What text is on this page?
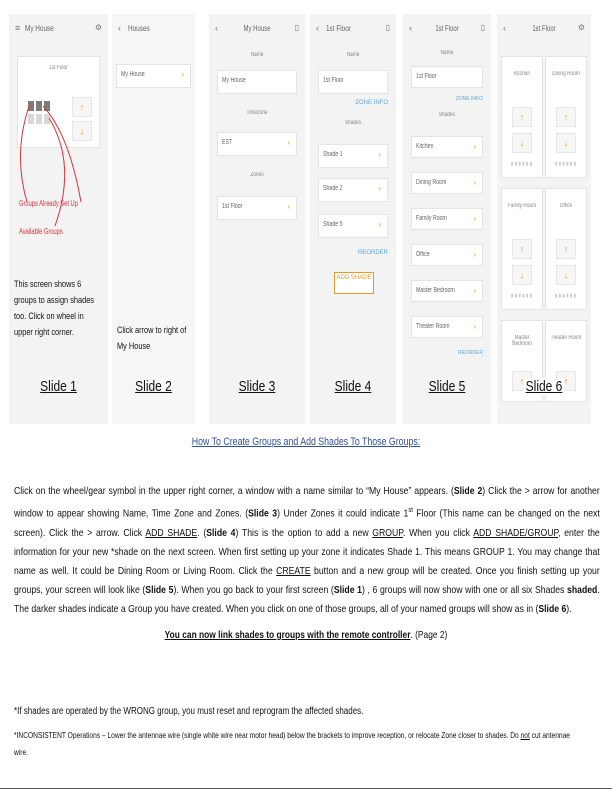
≡ My House	⚙
1st Floor
↑
↓
Groups Already Set Up
Available Groups
This screen shows 6 groups to assign shades too. Click on wheel in upper right corner.
Slide 1
‹ Houses
My House	›
Click arrow to right of My House
Slide 2
‹	My House	▯
Name
My House
Timezone
EST	›
Zones
1st Floor	›
Slide 3
‹ 1st Floor	▯
Name
1st Floor
ZONE INFO
Shades
Shade 1	›
Shade 2	›
Shade 5	›
REORDER
ADD SHADE
Slide 4
‹	1st Floor	▯
Name
1st Floor
ZONE INFO
Shades
Kitchen	›
Dining Room	›
Family Room	›
Office	›
Master Bedroom ›
Theater Room	›
REORDER
Slide 5
‹	1st Floor	⚙
Kitchen
↑
↓
▮▮▮▮▮▮
Dining Room
↑
↓
▮▮▮▮▮▮
Family Room
↑
↓
▮▮▮▮▮▮
Office
↑
↓
▮▮▮▮▮▮
Master Bedroom
↑
Theater Room
↑
Slide 6
How To Create Groups and Add Shades To Those Groups:
Click on the wheel/gear symbol in the upper right corner, a window with a name similar to “My House” appears. (Slide 2) Click the > arrow for another window to appear showing Name, Time Zone and Zones. (Slide 3) Under Zones it could indicate 1st Floor (This name can be changed on the next screen). Click the > arrow. Click ADD SHADE. (Slide 4) This is the option to add a new GROUP. When you click ADD SHADE/GROUP, enter the information for your new *shade on the next screen. When first setting up your zone it indicates Shade 1. This means GROUP 1. You may change that name as well. It could be Dining Room or Living Room. Click the CREATE button and a new group will be created. Once you finish setting up your groups, your screen will look like (Slide 5). When you go back to your first screen (Slide 1) , 6 groups will now show with one or all six Shades shaded. The darker shades indicate a Group you have created. When you click on one of those groups, all of your named groups will show as in (Slide 6).
You can now link shades to groups with the remote controller. (Page 2)
*If shades are operated by the WRONG group, you must reset and reprogram the affected shades.
*INCONSISTENT Operations – Lower the antennae wire (single white wire near motor head) below the brackets to improve reception, or relocate Zone closer to shades. Do not cut antennae wire.
